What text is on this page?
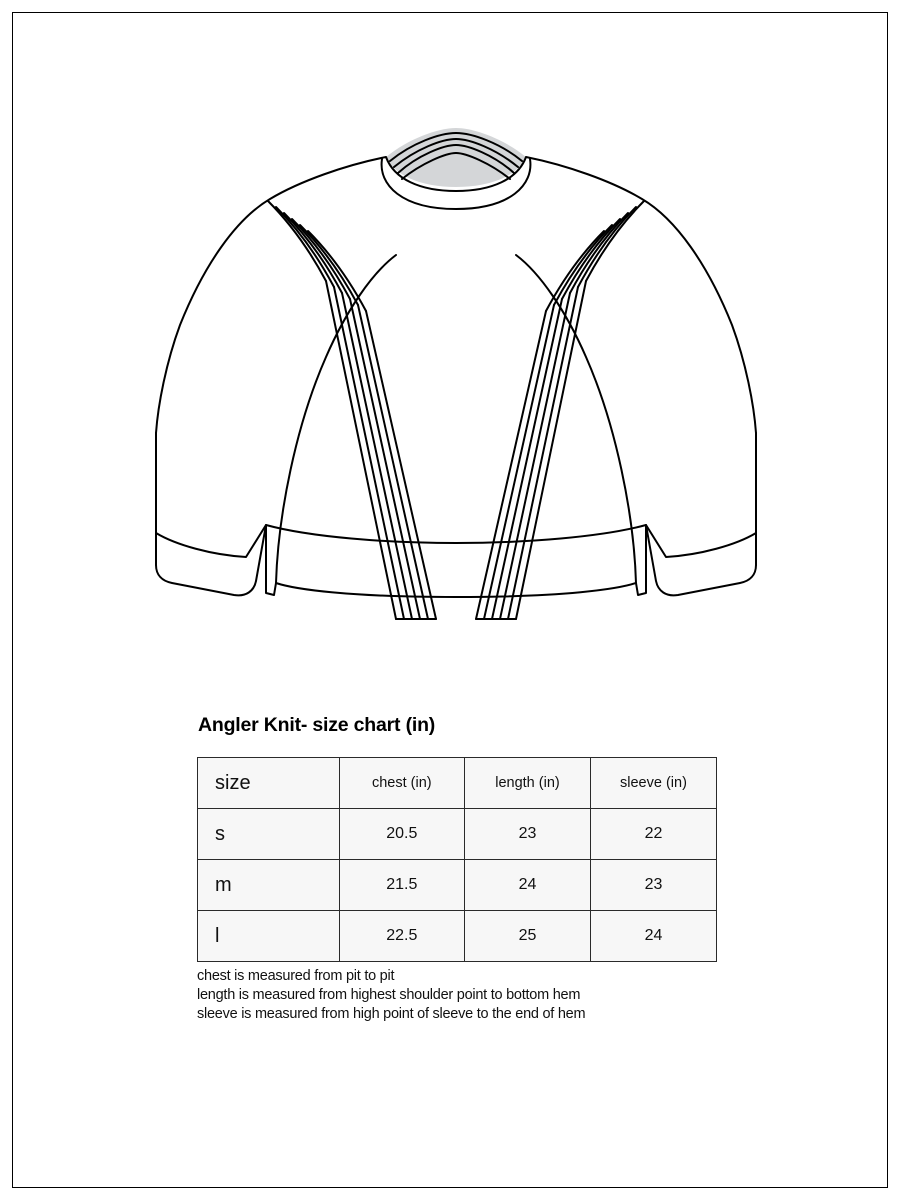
Angler Knit- size chart (in)
size	chest (in)	length (in)	sleeve (in)
s	20.5	23	22
m	21.5	24	23
l	22.5	25	24
chest is measured from pit to pit
length is measured from highest shoulder point to bottom hem
sleeve is measured from high point of sleeve to the end of hem
